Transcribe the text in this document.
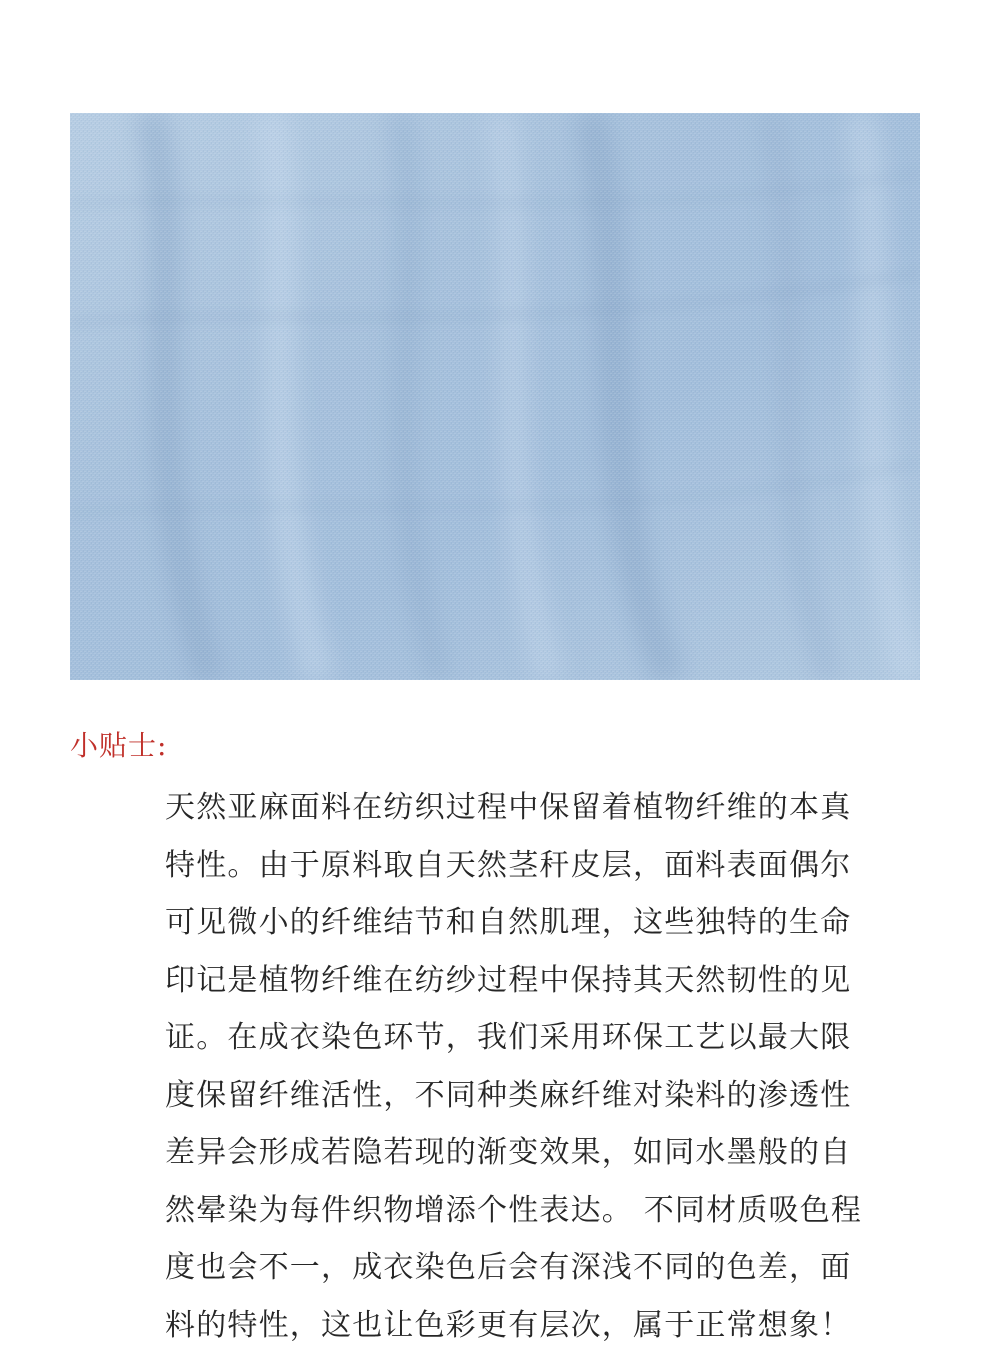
小贴士:
天然亚麻面料在纺织过程中保留着植物纤维的本真
特性。由于原料取自天然茎秆皮层，面料表面偶尔
可见微小的纤维结节和自然肌理，这些独特的生命
印记是植物纤维在纺纱过程中保持其天然韧性的见
证。在成衣染色环节，我们采用环保工艺以最大限
度保留纤维活性，不同种类麻纤维对染料的渗透性
差异会形成若隐若现的渐变效果，如同水墨般的自
然晕染为每件织物增添个性表达。 不同材质吸色程
度也会不一，成衣染色后会有深浅不同的色差，面
料的特性，这也让色彩更有层次，属于正常想象！
